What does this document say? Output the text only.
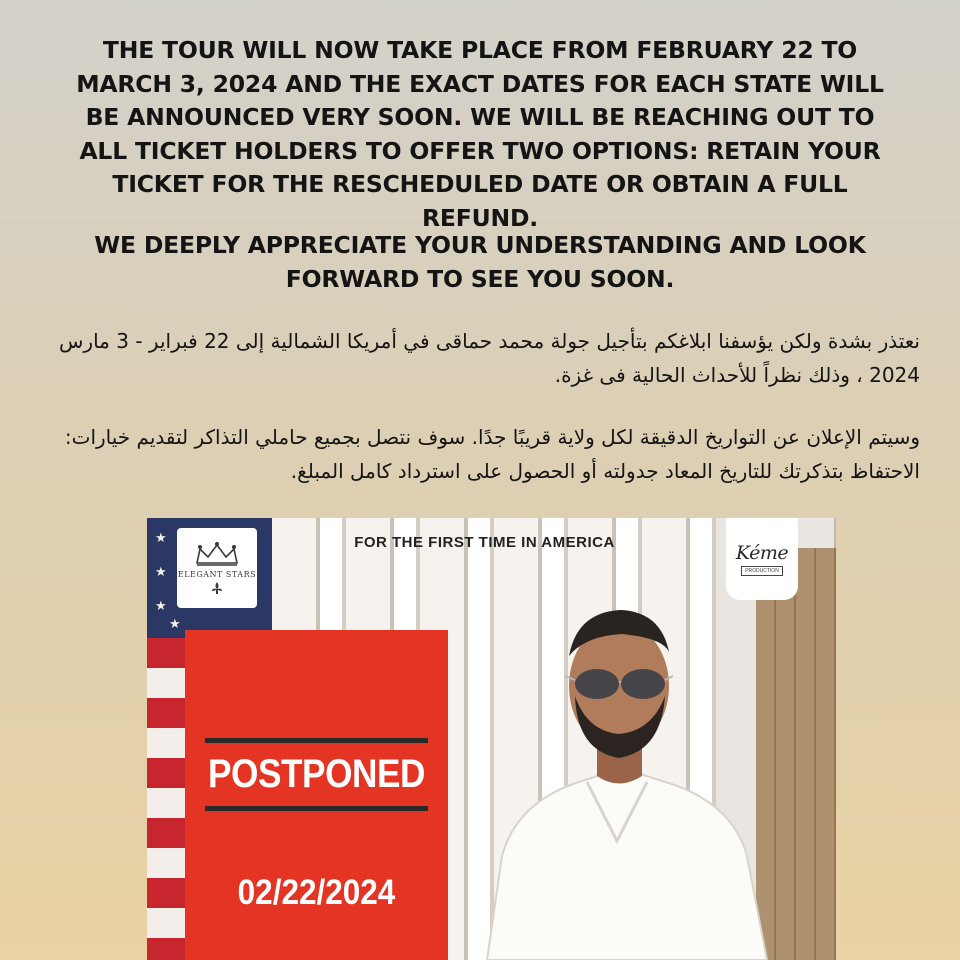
THE TOUR WILL NOW TAKE PLACE FROM FEBRUARY 22 TO MARCH 3, 2024 AND THE EXACT DATES FOR EACH STATE WILL BE ANNOUNCED VERY SOON. WE WILL BE REACHING OUT TO ALL TICKET HOLDERS TO OFFER TWO OPTIONS: RETAIN YOUR TICKET FOR THE RESCHEDULED DATE OR OBTAIN A FULL REFUND.

WE DEEPLY APPRECIATE YOUR UNDERSTANDING AND LOOK FORWARD TO SEE YOU SOON.

نعتذر بشدة ولكن يؤسفنا ابلاغكم بتأجيل جولة محمد حماقى في أمريكا الشمالية إلى 22 فبراير - 3 مارس 2024 ، وذلك نظراً للأحداث الحالية فى غزة.

وسيتم الإعلان عن التواريخ الدقيقة لكل ولاية قريبًا جدًا. سوف نتصل بجميع حاملي التذاكر لتقديم خيارات: الاحتفاظ بتذكرتك للتاريخ المعاد جدولته أو الحصول على استرداد كامل المبلغ.

★
★
★
★
ELEGANT STARS
FOR THE FIRST TIME IN AMERICA	Kéme
PRODUCTION
POSTPONED
02/22/2024
